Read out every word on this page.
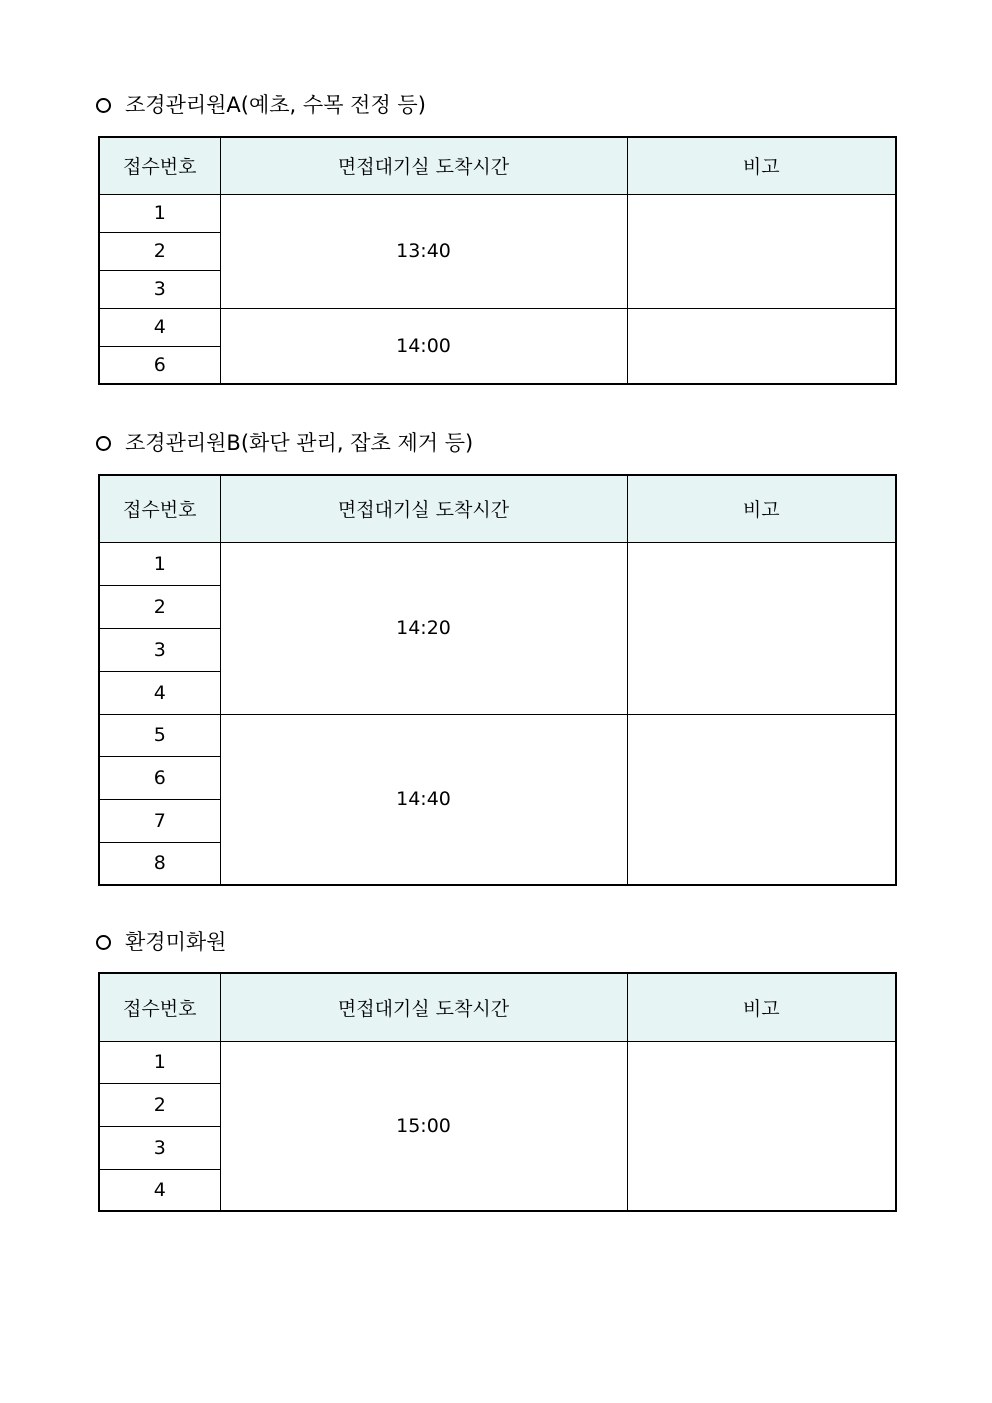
조경관리원A(예초, 수목 전정 등)
접수번호	면접대기실 도착시간	비고
1	13:40	
2		
3		
4	14:00	
6		
조경관리원B(화단 관리, 잡초 제거 등)
접수번호	면접대기실 도착시간	비고
1	14:20	
2		
3		
4		
5	14:40	
6		
7		
8		
환경미화원
접수번호	면접대기실 도착시간	비고
1	15:00	
2		
3		
4		
